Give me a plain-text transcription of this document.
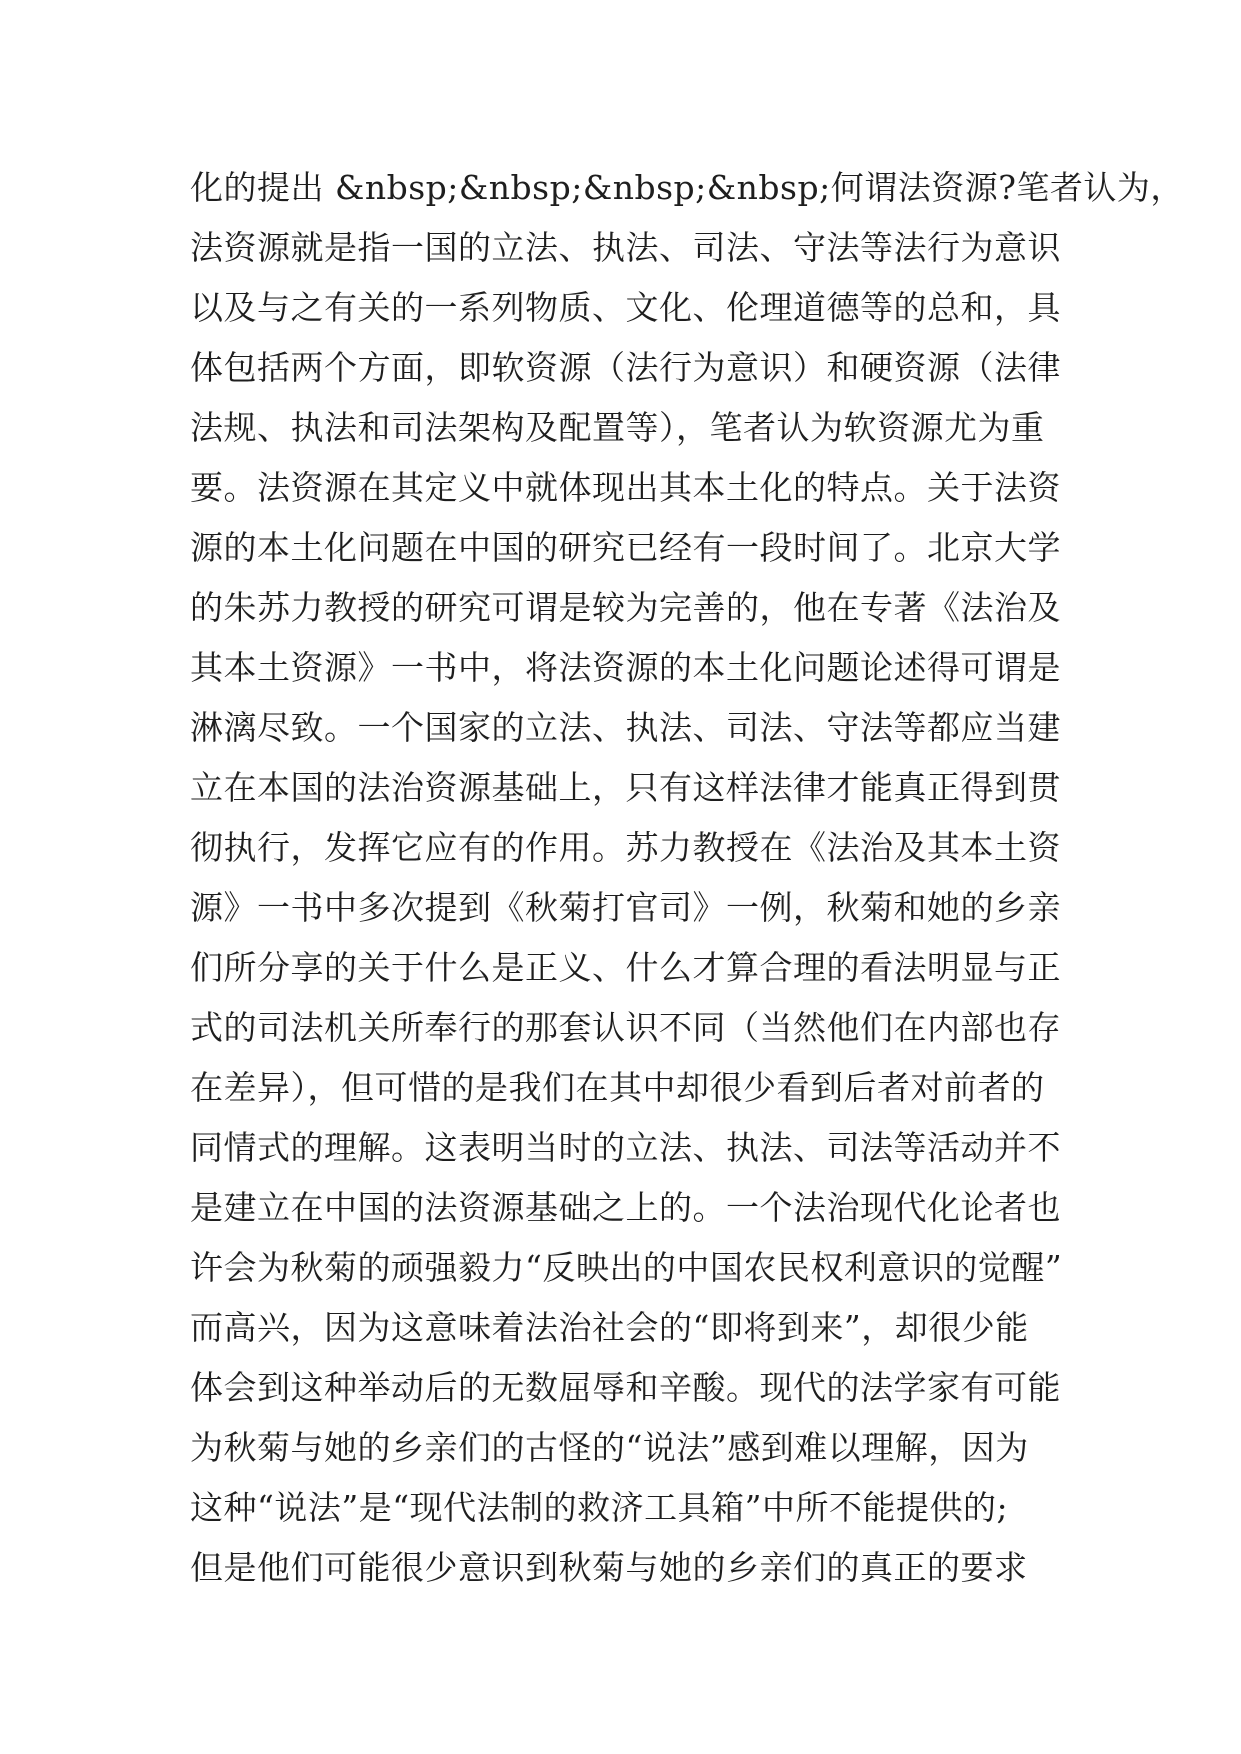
化的提出 &nbsp;&nbsp;&nbsp;&nbsp;何谓法资源?笔者认为，
法资源就是指一国的立法、执法、司法、守法等法行为意识
以及与之有关的一系列物质、文化、伦理道德等的总和，具
体包括两个方面，即软资源（法行为意识）和硬资源（法律
法规、执法和司法架构及配置等），笔者认为软资源尤为重
要。法资源在其定义中就体现出其本土化的特点。关于法资
源的本土化问题在中国的研究已经有一段时间了。北京大学
的朱苏力教授的研究可谓是较为完善的，他在专著《法治及
其本土资源》一书中，将法资源的本土化问题论述得可谓是
淋漓尽致。一个国家的立法、执法、司法、守法等都应当建
立在本国的法治资源基础上，只有这样法律才能真正得到贯
彻执行，发挥它应有的作用。苏力教授在《法治及其本土资
源》一书中多次提到《秋菊打官司》一例，秋菊和她的乡亲
们所分享的关于什么是正义、什么才算合理的看法明显与正
式的司法机关所奉行的那套认识不同（当然他们在内部也存
在差异），但可惜的是我们在其中却很少看到后者对前者的
同情式的理解。这表明当时的立法、执法、司法等活动并不
是建立在中国的法资源基础之上的。一个法治现代化论者也
许会为秋菊的顽强毅力“反映出的中国农民权利意识的觉醒”
而高兴，因为这意味着法治社会的“即将到来”，却很少能
体会到这种举动后的无数屈辱和辛酸。现代的法学家有可能
为秋菊与她的乡亲们的古怪的“说法”感到难以理解，因为
这种“说法”是“现代法制的救济工具箱”中所不能提供的;
但是他们可能很少意识到秋菊与她的乡亲们的真正的要求
